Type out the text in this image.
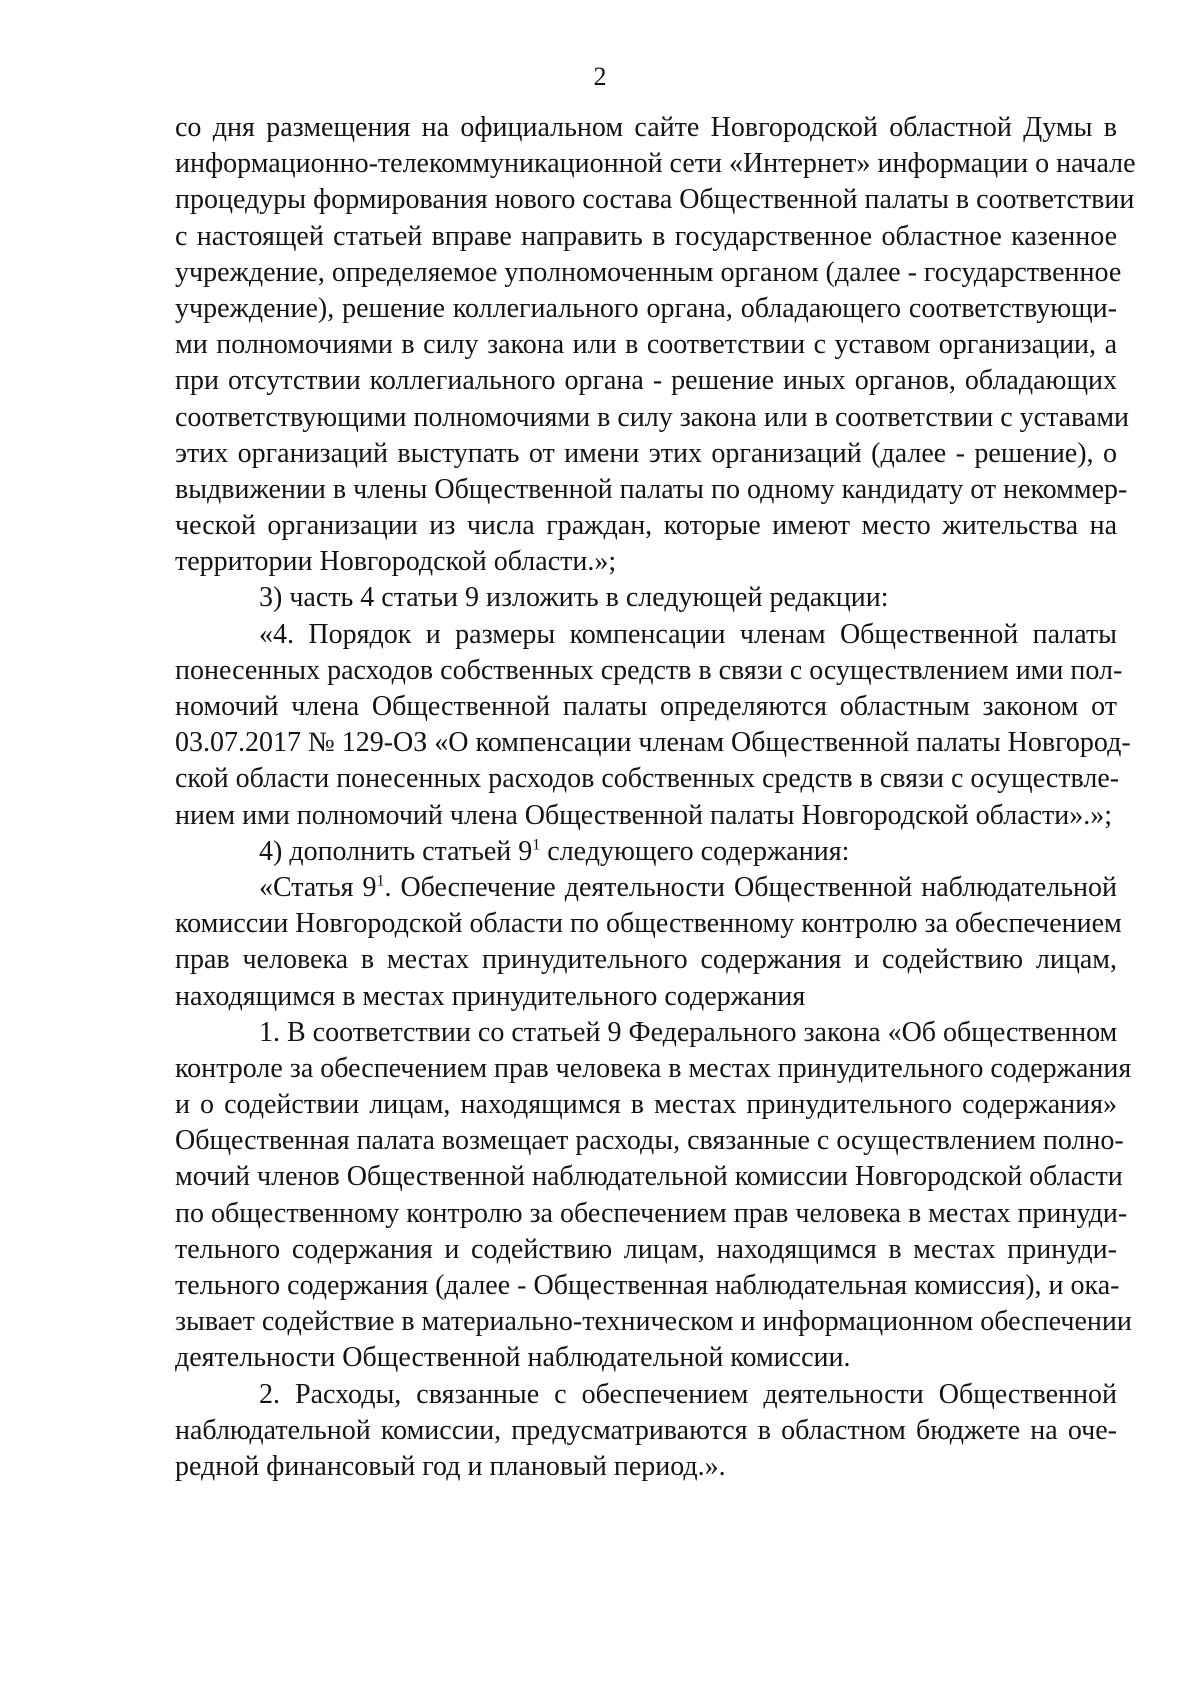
2
со дня размещения на официальном сайте Новгородской областной Думы в
информационно-телекоммуникационной сети «Интернет» информации о начале
процедуры формирования нового состава Общественной палаты в соответствии
с настоящей статьей вправе направить в государственное областное казенное
учреждение, определяемое уполномоченным органом (далее - государственное
учреждение), решение коллегиального органа, обладающего соответствующи-
ми полномочиями в силу закона или в соответствии с уставом организации, а
при отсутствии коллегиального органа - решение иных органов, обладающих
соответствующими полномочиями в силу закона или в соответствии с уставами
этих организаций выступать от имени этих организаций (далее - решение), о
выдвижении в члены Общественной палаты по одному кандидату от некоммер-
ческой организации из числа граждан, которые имеют место жительства на
территории Новгородской области.»;
3) часть 4 статьи 9 изложить в следующей редакции:
«4. Порядок и размеры компенсации членам Общественной палаты
понесенных расходов собственных средств в связи с осуществлением ими пол-
номочий члена Общественной палаты определяются областным законом от
03.07.2017 № 129-ОЗ «О компенсации членам Общественной палаты Новгород-
ской области понесенных расходов собственных средств в связи с осуществле-
нием ими полномочий члена Общественной палаты Новгородской области».»;
4) дополнить статьей $9^1$ следующего содержания:
«Статья $9^1$. Обеспечение деятельности Общественной наблюдательной
комиссии Новгородской области по общественному контролю за обеспечением
прав человека в местах принудительного содержания и содействию лицам,
находящимся в местах принудительного содержания
1. В соответствии со статьей 9 Федерального закона «Об общественном
контроле за обеспечением прав человека в местах принудительного содержания
и о содействии лицам, находящимся в местах принудительного содержания»
Общественная палата возмещает расходы, связанные с осуществлением полно-
мочий членов Общественной наблюдательной комиссии Новгородской области
по общественному контролю за обеспечением прав человека в местах принуди-
тельного содержания и содействию лицам, находящимся в местах принуди-
тельного содержания (далее - Общественная наблюдательная комиссия), и ока-
зывает содействие в материально-техническом и информационном обеспечении
деятельности Общественной наблюдательной комиссии.
2. Расходы, связанные с обеспечением деятельности Общественной
наблюдательной комиссии, предусматриваются в областном бюджете на оче-
редной финансовый год и плановый период.».
